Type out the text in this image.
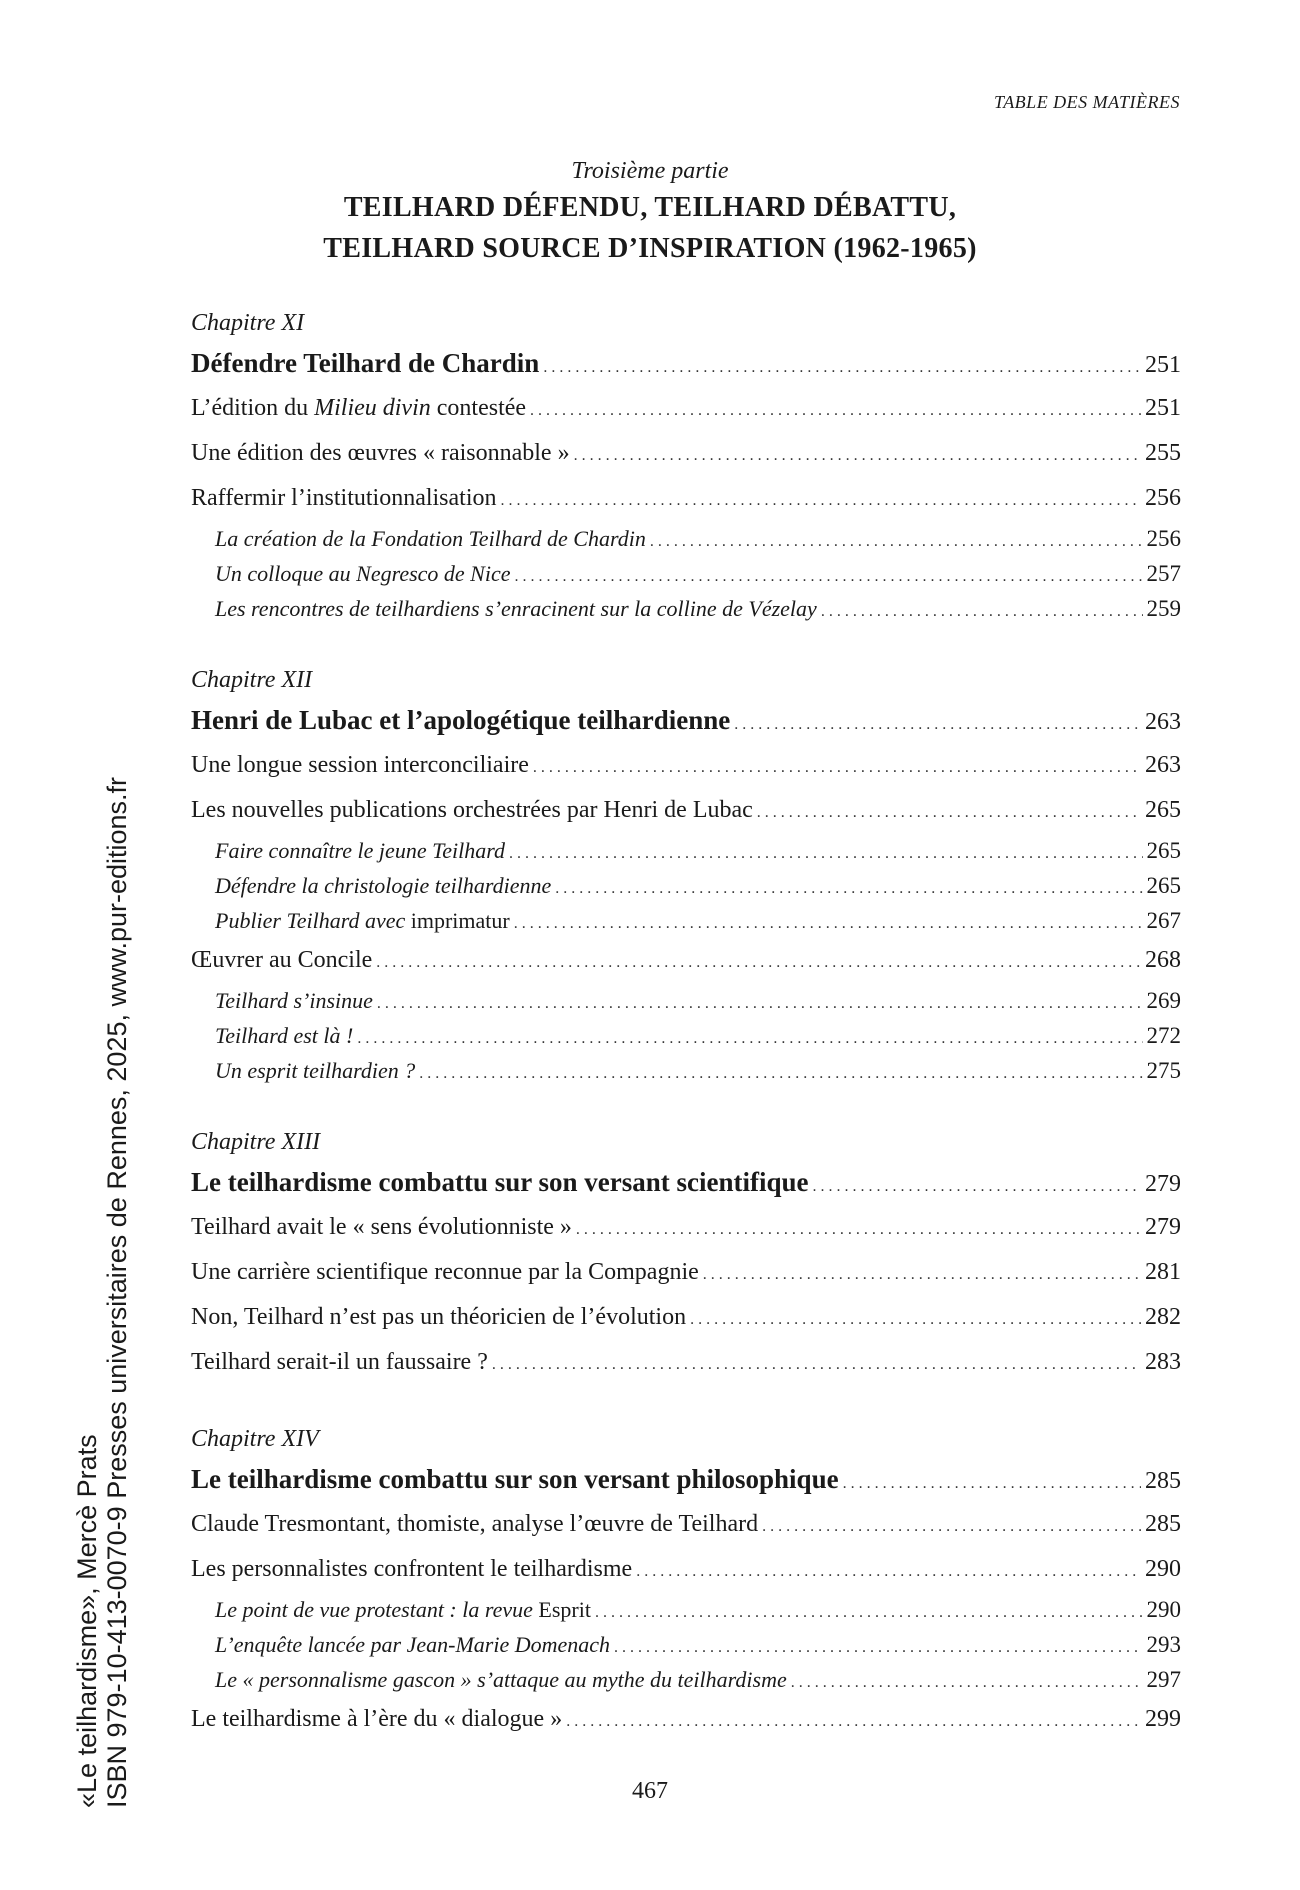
TABLE DES MATIÈRES
Troisième partie
TEILHARD DÉFENDU, TEILHARD DÉBATTU,
TEILHARD SOURCE D’INSPIRATION (1962-1965)
Chapitre XI
Défendre Teilhard de Chardin . . .	251
L’édition du Milieu divin contestée . . .	251
Une édition des œuvres « raisonnable » . . .	255
Raffermir l’institutionnalisation . . .	256
La création de la Fondation Teilhard de Chardin . . .	256
Un colloque au Negresco de Nice . . .	257
Les rencontres de teilhardiens s’enracinent sur la colline de Vézelay . . .	259
Chapitre XII
Henri de Lubac et l’apologétique teilhardienne . . .	263
Une longue session interconciliaire . . .	263
Les nouvelles publications orchestrées par Henri de Lubac . . .	265
Faire connaître le jeune Teilhard . . .	265
Défendre la christologie teilhardienne . . .	265
Publier Teilhard avec imprimatur . . .	267
Œuvrer au Concile . . .	268
Teilhard s’insinue . . .	269
Teilhard est là ! . . .	272
Un esprit teilhardien ? . . .	275
Chapitre XIII
Le teilhardisme combattu sur son versant scientifique . . .	279
Teilhard avait le « sens évolutionniste » . . .	279
Une carrière scientifique reconnue par la Compagnie . . .	281
Non, Teilhard n’est pas un théoricien de l’évolution . . .	282
Teilhard serait-il un faussaire ? . . .	283
Chapitre XIV
Le teilhardisme combattu sur son versant philosophique . . .	285
Claude Tresmontant, thomiste, analyse l’œuvre de Teilhard . . .	285
Les personnalistes confrontent le teilhardisme . . .	290
Le point de vue protestant : la revue Esprit . . .	290
L’enquête lancée par Jean-Marie Domenach . . .	293
Le « personnalisme gascon » s’attaque au mythe du teilhardisme . . .	297
Le teilhardisme à l’ère du « dialogue » . . .	299
467
«Le teilhardisme», Mercè Prats ISBN 979-10-413-0070-9 Presses universitaires de Rennes, 2025, www.pur-editions.fr
